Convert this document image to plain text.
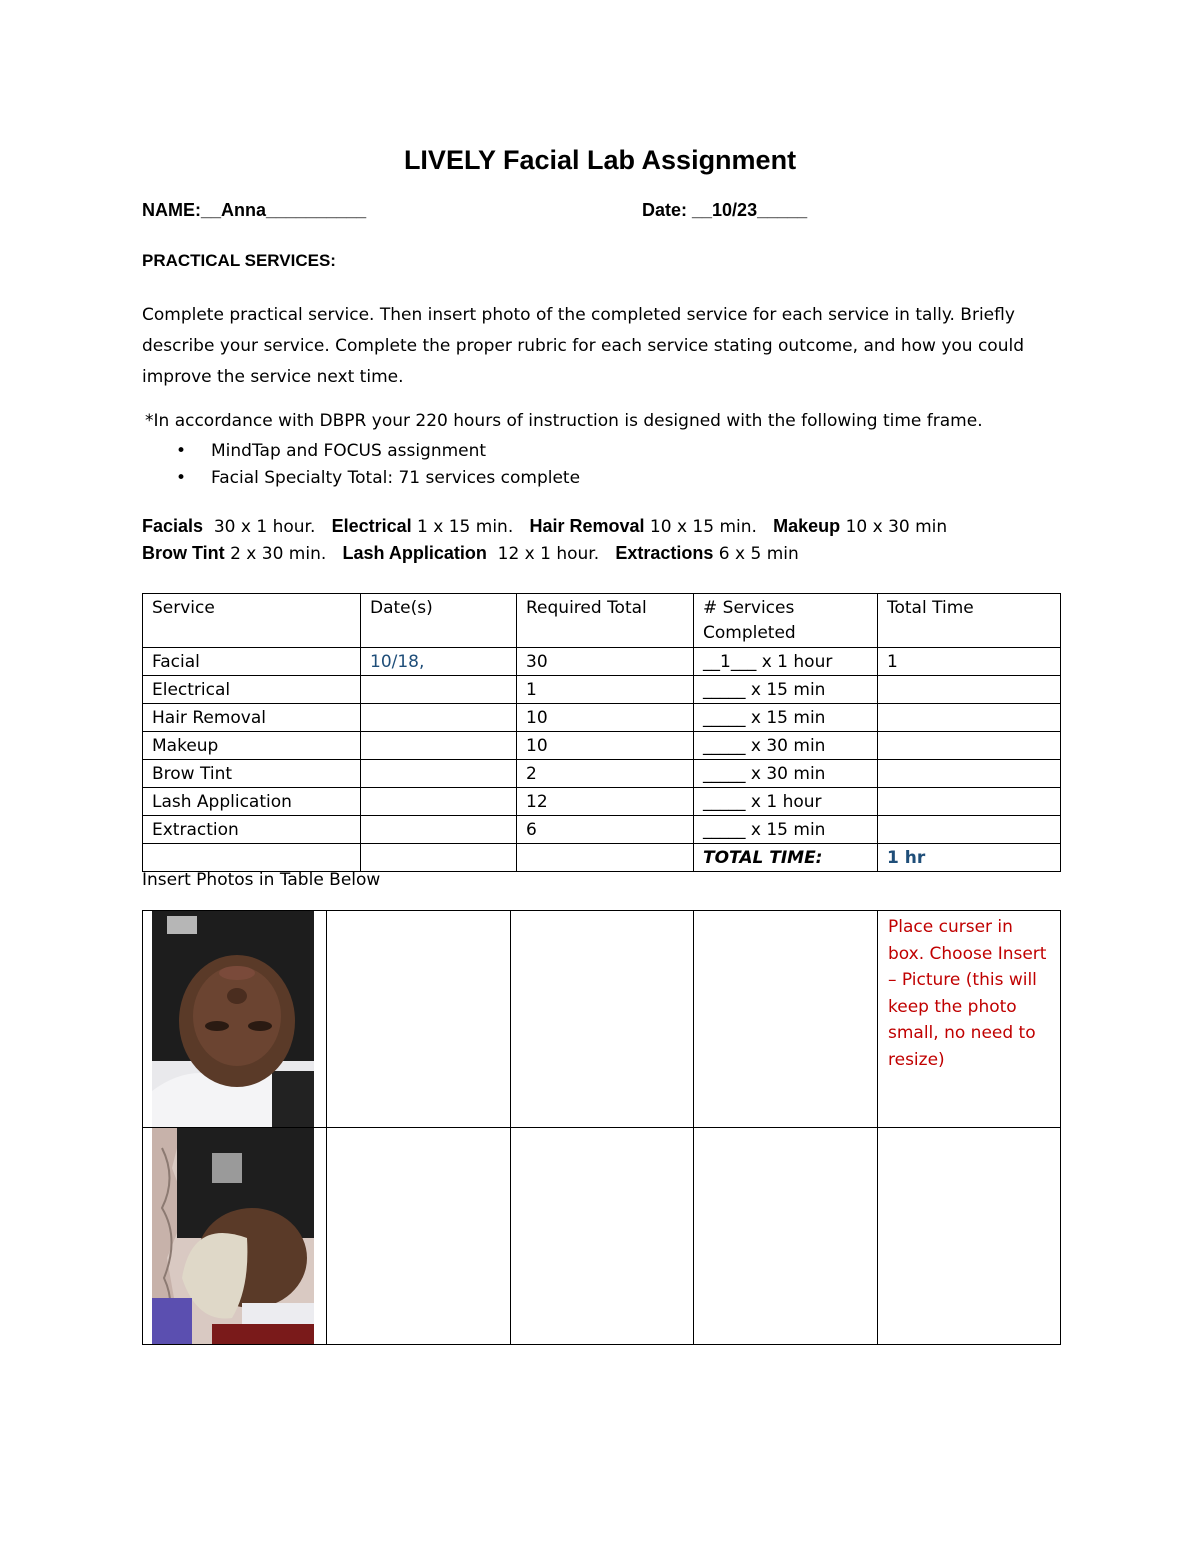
LIVELY Facial Lab Assignment
NAME:__Anna__________	Date: __10/23_____
PRACTICAL SERVICES:
Complete practical service. Then insert photo of the completed service for each service in tally. Briefly describe your service. Complete the proper rubric for each service stating outcome, and how you could improve the service next time.
*In accordance with DBPR your 220 hours of instruction is designed with the following time frame.
• MindTap and FOCUS assignment
• Facial Specialty Total: 71 services complete
Facials  30 x 1 hour.   Electrical 1 x 15 min.   Hair Removal 10 x 15 min.   Makeup 10 x 30 min
Brow Tint 2 x 30 min.   Lash Application  12 x 1 hour.   Extractions 6 x 5 min
Service	Date(s)	Required Total	# Services Completed	Total Time
Facial	10/18,	30	__1___ x 1 hour	1
Electrical		1	_____ x 15 min	
Hair Removal		10	_____ x 15 min	
Makeup		10	_____ x 30 min	
Brow Tint		2	_____ x 30 min	
Lash Application		12	_____ x 1 hour	
Extraction		6	_____ x 15 min	
			TOTAL TIME:	1 hr
Insert Photos in Table Below

Place curser in box. Choose Insert – Picture (this will keep the photo small, no need to resize)
